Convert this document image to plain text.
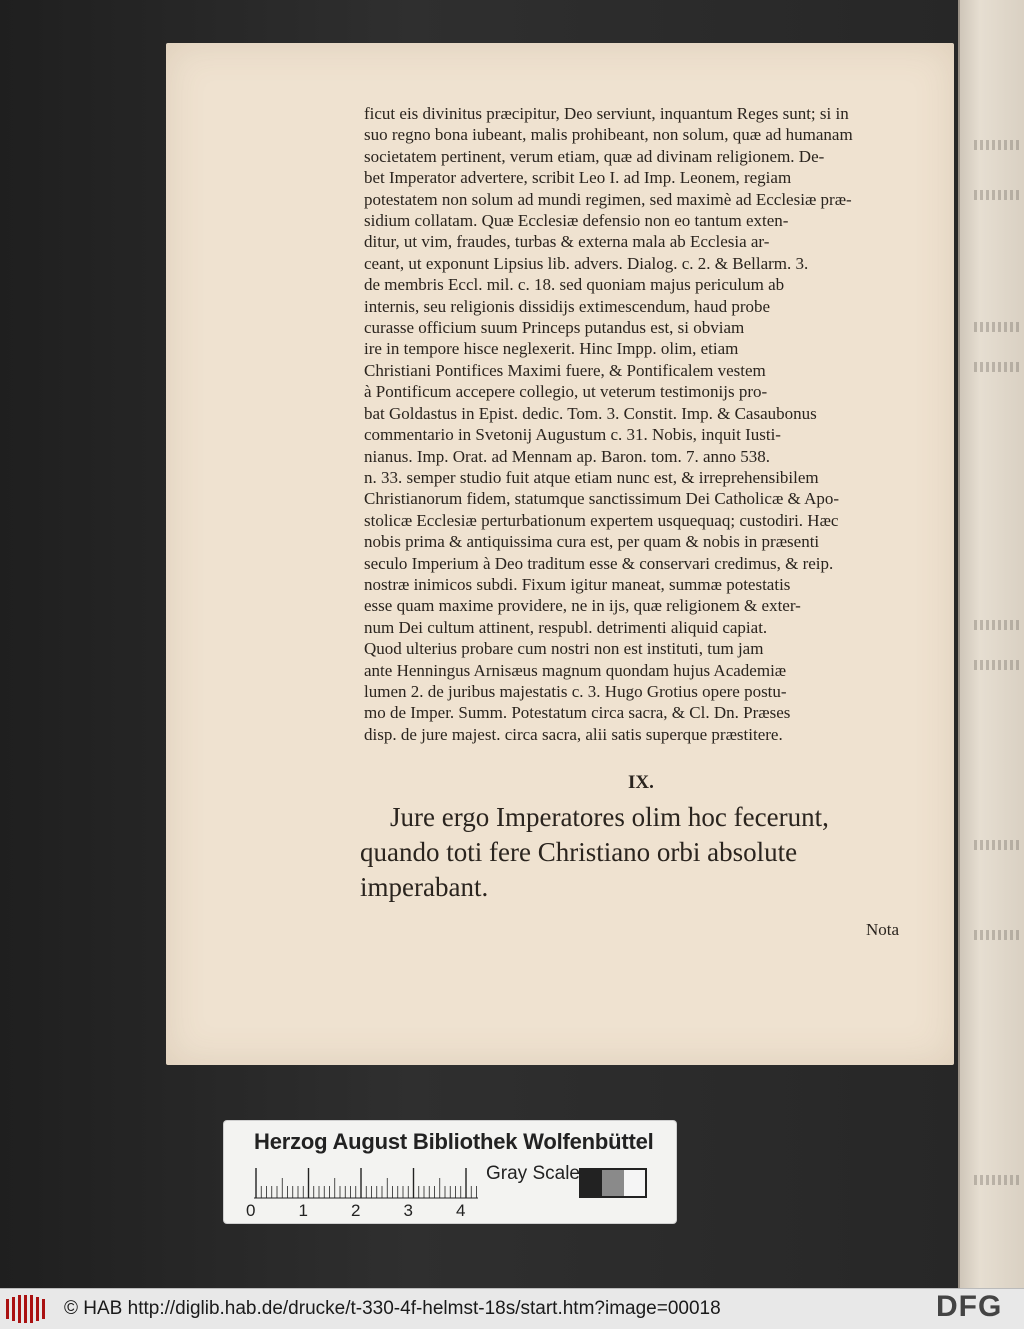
ficut eis divinitus præcipitur, Deo serviunt, inquantum Reges sunt; si in
suo regno bona iubeant, malis prohibeant, non solum, quæ ad humanam
societatem pertinent, verum etiam, quæ ad divinam religionem. De-
bet Imperator advertere, scribit Leo I. ad Imp. Leonem, regiam
potestatem non solum ad mundi regimen, sed maximè ad Ecclesiæ præ-
sidium collatam. Quæ Ecclesiæ defensio non eo tantum exten-
ditur, ut vim, fraudes, turbas & externa mala ab Ecclesia ar-
ceant, ut exponunt Lipsius lib. advers. Dialog. c. 2. & Bellarm. 3.
de membris Eccl. mil. c. 18. sed quoniam majus periculum ab
internis, seu religionis dissidijs extimescendum, haud probe
curasse officium suum Princeps putandus est, si obviam
ire in tempore hisce neglexerit. Hinc Impp. olim, etiam
Christiani Pontifices Maximi fuere, & Pontificalem vestem
à Pontificum accepere collegio, ut veterum testimonijs pro-
bat Goldastus in Epist. dedic. Tom. 3. Constit. Imp. & Casaubonus
commentario in Svetonij Augustum c. 31. Nobis, inquit Iusti-
nianus. Imp. Orat. ad Mennam ap. Baron. tom. 7. anno 538.
n. 33. semper studio fuit atque etiam nunc est, & irreprehensibilem
Christianorum fidem, statumque sanctissimum Dei Catholicæ & Apo-
stolicæ Ecclesiæ perturbationum expertem usquequaq; custodiri. Hæc
nobis prima & antiquissima cura est, per quam & nobis in præsenti
seculo Imperium à Deo traditum esse & conservari credimus, & reip.
nostræ inimicos subdi. Fixum igitur maneat, summæ potestatis
esse quam maxime providere, ne in ijs, quæ religionem & exter-
num Dei cultum attinent, respubl. detrimenti aliquid capiat.
Quod ulterius probare cum nostri non est instituti, tum jam
ante Henningus Arnisæus magnum quondam hujus Academiæ
lumen 2. de juribus majestatis c. 3. Hugo Grotius opere postu-
mo de Imper. Summ. Potestatum circa sacra, & Cl. Dn. Præses
disp. de jure majest. circa sacra, alii satis superque præstitere.
IX.
Jure ergo Imperatores olim hoc fecerunt,
quando toti fere Christiano orbi absolute
imperabant.
Nota
Herzog August Bibliothek Wolfenbüttel
0	1	2	3	4
Gray Scale
© HAB http://diglib.hab.de/drucke/t-330-4f-helmst-18s/start.htm?image=00018	DFG
